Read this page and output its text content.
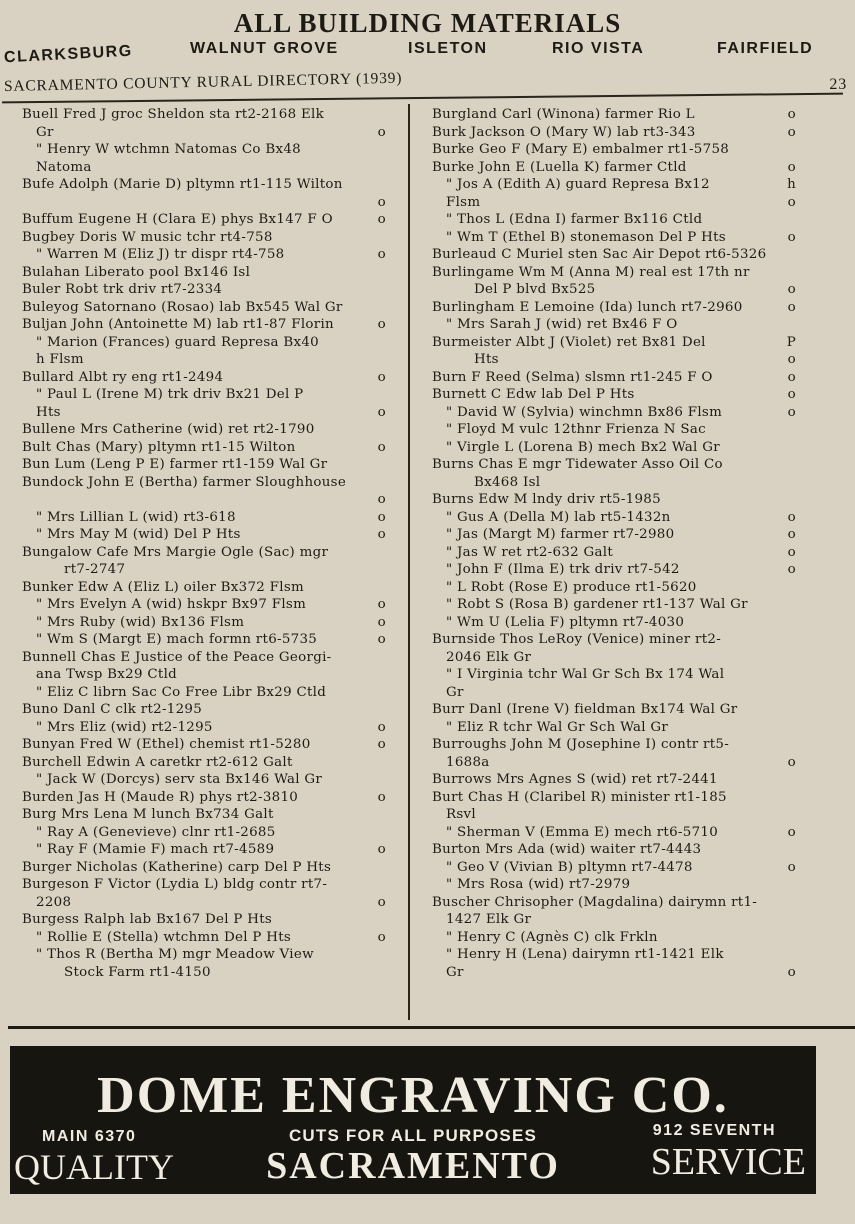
ALL BUILDING MATERIALS
CLARKSBURG	WALNUT GROVE	ISLETON	RIO VISTA	FAIRFIELD
SACRAMENTO COUNTY RURAL DIRECTORY (1939)	23
Buell Fred J groc Sheldon sta rt2-2168 Elk
Gr	o
" Henry W wtchmn Natomas Co Bx48
Natoma
Bufe Adolph (Marie D) pltymn rt1-115 Wilton
o
Buffum Eugene H (Clara E) phys Bx147 F O	o
Bugbey Doris W music tchr rt4-758
" Warren M (Eliz J) tr dispr rt4-758	o
Bulahan Liberato pool Bx146 Isl
Buler Robt trk driv rt7-2334
Buleyog Satornano (Rosao) lab Bx545 Wal Gr
Buljan John (Antoinette M) lab rt1-87 Florin	o
" Marion (Frances) guard Represa Bx40
h Flsm
Bullard Albt ry eng rt1-2494	o
" Paul L (Irene M) trk driv Bx21 Del P
Hts	o
Bullene Mrs Catherine (wid) ret rt2-1790
Bult Chas (Mary) pltymn rt1-15 Wilton	o
Bun Lum (Leng P E) farmer rt1-159 Wal Gr
Bundock John E (Bertha) farmer Sloughhouse
o
" Mrs Lillian L (wid) rt3-618	o
" Mrs May M (wid) Del P Hts	o
Bungalow Cafe Mrs Margie Ogle (Sac) mgr
rt7-2747
Bunker Edw A (Eliz L) oiler Bx372 Flsm
" Mrs Evelyn A (wid) hskpr Bx97 Flsm	o
" Mrs Ruby (wid) Bx136 Flsm	o
" Wm S (Margt E) mach formn rt6-5735	o
Bunnell Chas E Justice of the Peace Georgi-
ana Twsp Bx29 Ctld
" Eliz C librn Sac Co Free Libr Bx29 Ctld
Buno Danl C clk rt2-1295
" Mrs Eliz (wid) rt2-1295	o
Bunyan Fred W (Ethel) chemist rt1-5280	o
Burchell Edwin A caretkr rt2-612 Galt
" Jack W (Dorcys) serv sta Bx146 Wal Gr
Burden Jas H (Maude R) phys rt2-3810	o
Burg Mrs Lena M lunch Bx734 Galt
" Ray A (Genevieve) clnr rt1-2685
" Ray F (Mamie F) mach rt7-4589	o
Burger Nicholas (Katherine) carp Del P Hts
Burgeson F Victor (Lydia L) bldg contr rt7-
2208	o
Burgess Ralph lab Bx167 Del P Hts
" Rollie E (Stella) wtchmn Del P Hts	o
" Thos R (Bertha M) mgr Meadow View
Stock Farm rt1-4150
Burgland Carl (Winona) farmer Rio L	o
Burk Jackson O (Mary W) lab rt3-343	o
Burke Geo F (Mary E) embalmer rt1-5758
Burke John E (Luella K) farmer Ctld	o
" Jos A (Edith A) guard Represa Bx12	h
Flsm	o
" Thos L (Edna I) farmer Bx116 Ctld
" Wm T (Ethel B) stonemason Del P Hts	o
Burleaud C Muriel sten Sac Air Depot rt6-5326
Burlingame Wm M (Anna M) real est 17th nr
Del P blvd Bx525	o
Burlingham E Lemoine (Ida) lunch rt7-2960	o
" Mrs Sarah J (wid) ret Bx46 F O
Burmeister Albt J (Violet) ret Bx81 Del	P
Hts	o
Burn F Reed (Selma) slsmn rt1-245 F O	o
Burnett C Edw lab Del P Hts	o
" David W (Sylvia) winchmn Bx86 Flsm	o
" Floyd M vulc 12thnr Frienza N Sac
" Virgle L (Lorena B) mech Bx2 Wal Gr
Burns Chas E mgr Tidewater Asso Oil Co
Bx468 Isl
Burns Edw M lndy driv rt5-1985
" Gus A (Della M) lab rt5-1432n	o
" Jas (Margt M) farmer rt7-2980	o
" Jas W ret rt2-632 Galt	o
" John F (Ilma E) trk driv rt7-542	o
" L Robt (Rose E) produce rt1-5620
" Robt S (Rosa B) gardener rt1-137 Wal Gr
" Wm U (Lelia F) pltymn rt7-4030
Burnside Thos LeRoy (Venice) miner rt2-
2046 Elk Gr
" I Virginia tchr Wal Gr Sch Bx 174 Wal
Gr
Burr Danl (Irene V) fieldman Bx174 Wal Gr
" Eliz R tchr Wal Gr Sch Wal Gr
Burroughs John M (Josephine I) contr rt5-
1688a	o
Burrows Mrs Agnes S (wid) ret rt7-2441
Burt Chas H (Claribel R) minister rt1-185
Rsvl
" Sherman V (Emma E) mech rt6-5710	o
Burton Mrs Ada (wid) waiter rt7-4443
" Geo V (Vivian B) pltymn rt7-4478	o
" Mrs Rosa (wid) rt7-2979
Buscher Chrisopher (Magdalina) dairymn rt1-
1427 Elk Gr
" Henry C (Agnès C) clk Frkln
" Henry H (Lena) dairymn rt1-1421 Elk
Gr	o
DOME ENGRAVING CO.
MAIN 6370	CUTS FOR ALL PURPOSES	912 SEVENTH
QUALITY	SACRAMENTO	SERVICE
